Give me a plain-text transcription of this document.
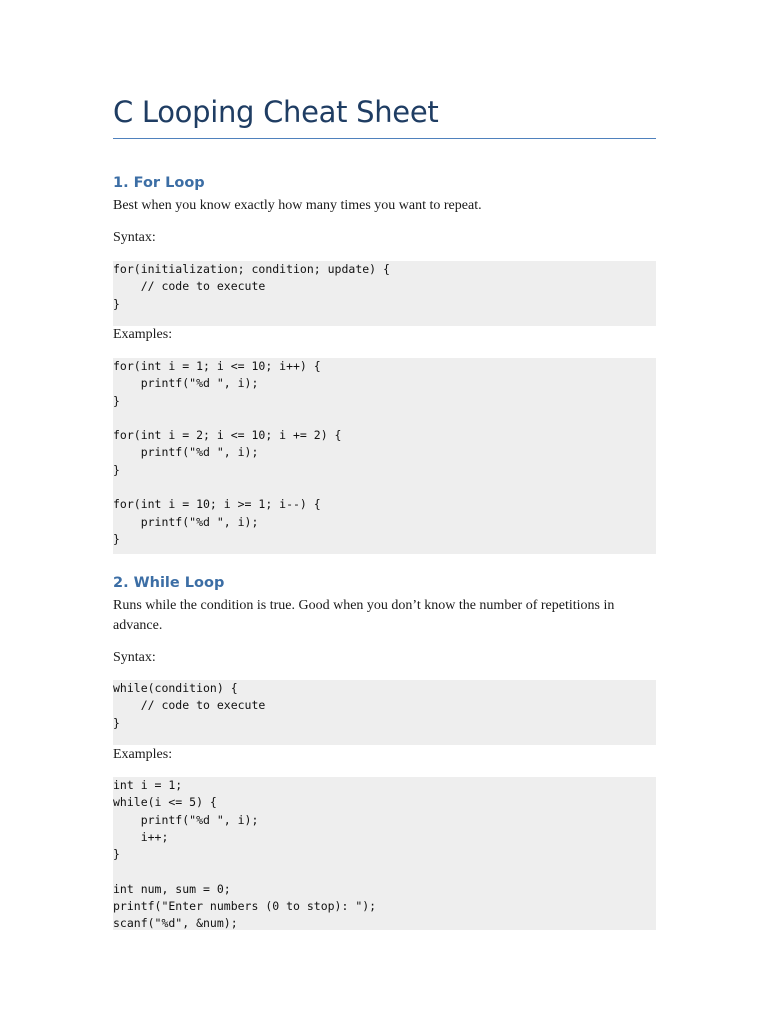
C Looping Cheat Sheet
1. For Loop

Best when you know exactly how many times you want to repeat.

Syntax:

for(initialization; condition; update) {
// code to execute
}

Examples:

for(int i = 1; i <= 10; i++) {
printf("%d ", i);
}
for(int i = 2; i <= 10; i += 2) {
printf("%d ", i);
}
for(int i = 10; i >= 1; i--) {
printf("%d ", i);
}
2. While Loop

Runs while the condition is true. Good when you don’t know the number of repetitions in advance.

Syntax:

while(condition) {
// code to execute
}

Examples:

int i = 1;
while(i <= 5) {
printf("%d ", i);
i++;
}
int num, sum = 0;
printf("Enter numbers (0 to stop): ");
scanf("%d", &num);
